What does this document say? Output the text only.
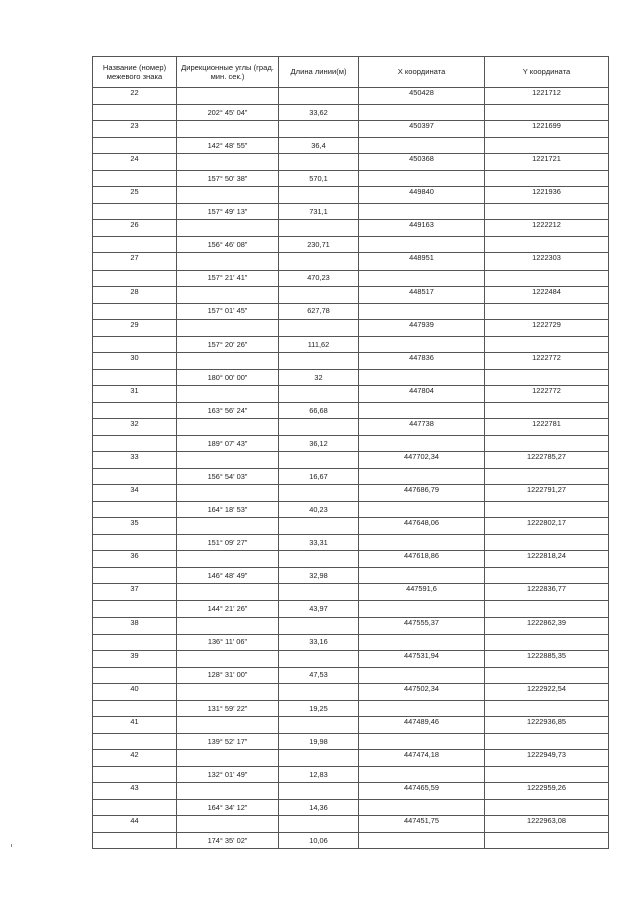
Название (номер) межевого знака	Дирекционные углы (град. мин. сек.)	Длина линии(м)	X координата	Y координата
22			450428	1221712
	202° 45' 04"	33,62		
23			450397	1221699
	142° 48' 55"	36,4		
24			450368	1221721
	157° 50' 38"	570,1		
25			449840	1221936
	157° 49' 13"	731,1		
26			449163	1222212
	156° 46' 08"	230,71		
27			448951	1222303
	157° 21' 41"	470,23		
28			448517	1222484
	157° 01' 45"	627,78		
29			447939	1222729
	157° 20' 26"	111,62		
30			447836	1222772
	180° 00' 00"	32		
31			447804	1222772
	163° 56' 24"	66,68		
32			447738	1222781
	189° 07' 43"	36,12		
33			447702,34	1222785,27
	156° 54' 03"	16,67		
34			447686,79	1222791,27
	164° 18' 53"	40,23		
35			447648,06	1222802,17
	151° 09' 27"	33,31		
36			447618,86	1222818,24
	146° 48' 49"	32,98		
37			447591,6	1222836,77
	144° 21' 26"	43,97		
38			447555,37	1222862,39
	136° 11' 06"	33,16		
39			447531,94	1222885,35
	128° 31' 00"	47,53		
40			447502,34	1222922,54
	131° 59' 22"	19,25		
41			447489,46	1222936,85
	139° 52' 17"	19,98		
42			447474,18	1222949,73
	132° 01' 49"	12,83		
43			447465,59	1222959,26
	164° 34' 12"	14,36		
44			447451,75	1222963,08
	174° 35' 02"	10,06		
